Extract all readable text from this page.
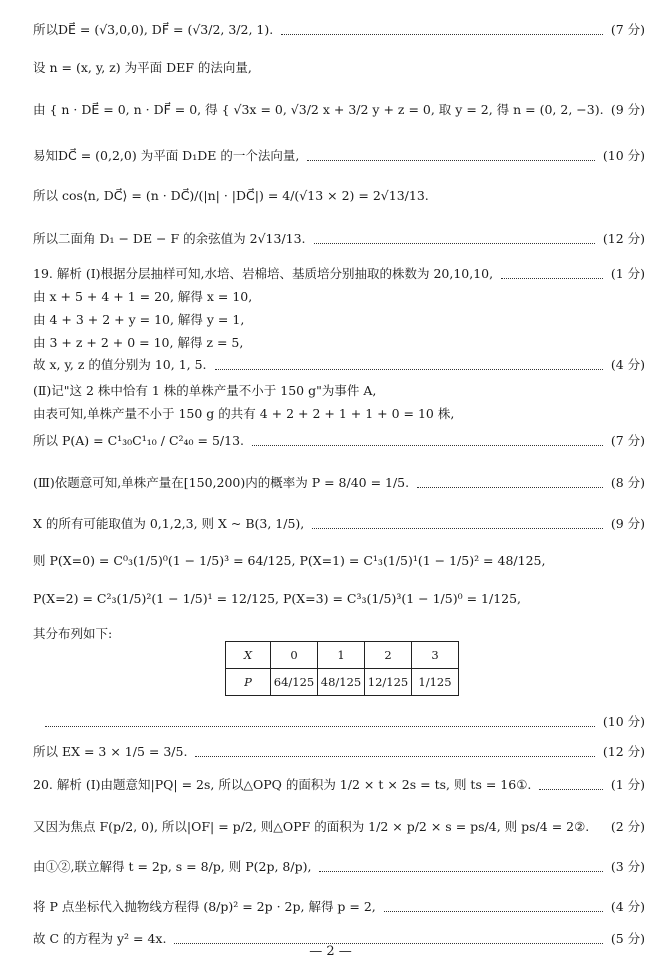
所以DE⃗ = (√3,0,0), DF⃗ = (√3/2, 3/2, 1).	(7 分)
设 n = (x, y, z) 为平面 DEF 的法向量,
由 { n · DE⃗ = 0, n · DF⃗ = 0, 得 { √3x = 0, √3/2 x + 3/2 y + z = 0, 取 y = 2, 得 n = (0, 2, −3). (9 分)
易知DC⃗ = (0,2,0) 为平面 D₁DE 的一个法向量,	(10 分)
所以 cos⟨n, DC⃗⟩ = (n · DC⃗)/(|n| · |DC⃗|) = 4/(√13 × 2) = 2√13/13.
所以二面角 D₁ − DE − F 的余弦值为 2√13/13.	(12 分)
19. 解析 (Ⅰ)根据分层抽样可知,水培、岩棉培、基质培分别抽取的株数为 20,10,10,	(1 分)
由 x + 5 + 4 + 1 = 20, 解得 x = 10,
由 4 + 3 + 2 + y = 10, 解得 y = 1,
由 3 + z + 2 + 0 = 10, 解得 z = 5,
故 x, y, z 的值分别为 10, 1, 5.	(4 分)
(Ⅱ)记"这 2 株中恰有 1 株的单株产量不小于 150 g"为事件 A,
由表可知,单株产量不小于 150 g 的共有 4 + 2 + 2 + 1 + 1 + 0 = 10 株,
所以 P(A) = C¹₃₀C¹₁₀ / C²₄₀ = 5/13.	(7 分)
(Ⅲ)依题意可知,单株产量在[150,200)内的概率为 P = 8/40 = 1/5.	(8 分)
X 的所有可能取值为 0,1,2,3, 则 X ~ B(3, 1/5),	(9 分)
则 P(X=0) = C⁰₃(1/5)⁰(1 − 1/5)³ = 64/125, P(X=1) = C¹₃(1/5)¹(1 − 1/5)² = 48/125,
P(X=2) = C²₃(1/5)²(1 − 1/5)¹ = 12/125, P(X=3) = C³₃(1/5)³(1 − 1/5)⁰ = 1/125,
其分布列如下:
(10 分)
所以 EX = 3 × 1/5 = 3/5.	(12 分)
20. 解析 (Ⅰ)由题意知|PQ| = 2s, 所以△OPQ 的面积为 1/2 × t × 2s = ts, 则 ts = 16①.	(1 分)
又因为焦点 F(p/2, 0), 所以|OF| = p/2, 则△OPF 的面积为 1/2 × p/2 × s = ps/4, 则 ps/4 = 2②. (2 分)
由①②,联立解得 t = 2p, s = 8/p, 则 P(2p, 8/p),	(3 分)
将 P 点坐标代入抛物线方程得 (8/p)² = 2p · 2p, 解得 p = 2,	(4 分)
故 C 的方程为 y² = 4x.	(5 分)
X	0	1	2	3
P	64/125	48/125	12/125	1/125
— 2 —
